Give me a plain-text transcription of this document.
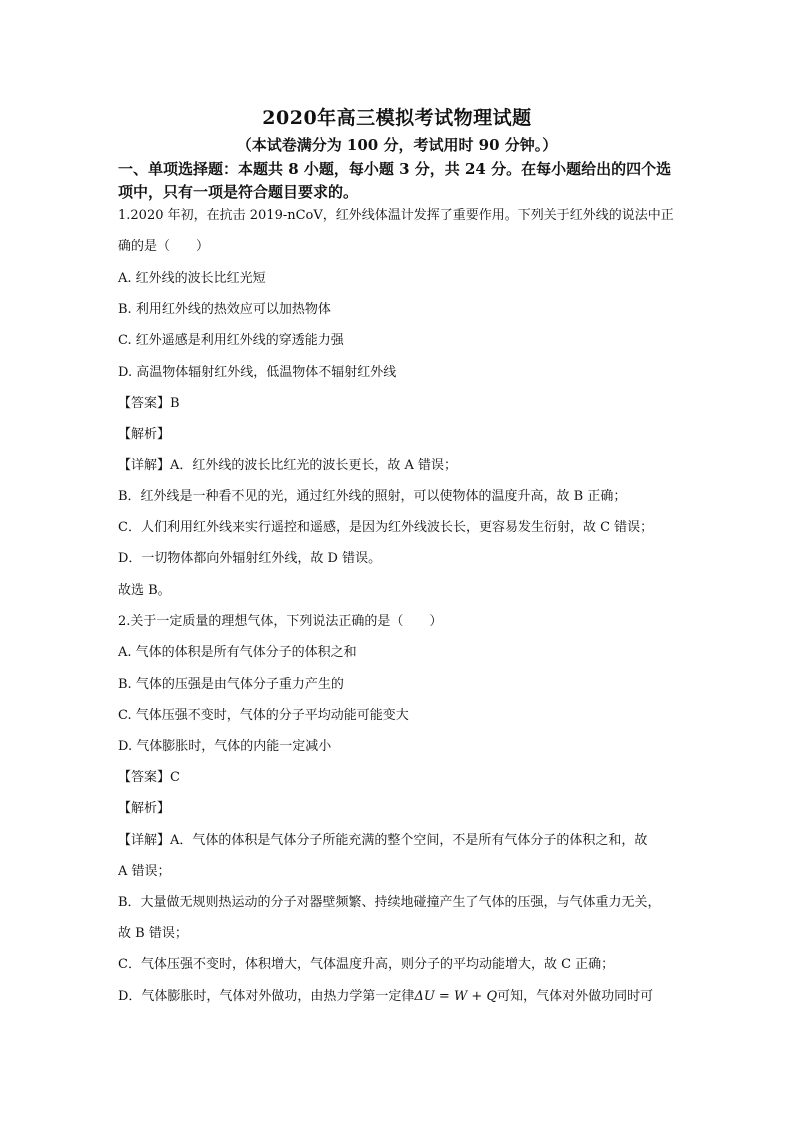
2020年高三模拟考试物理试题
（本试卷满分为 100 分，考试用时 90 分钟。）
一、单项选择题：本题共 8 小题，每小题 3 分，共 24 分。在每小题给出的四个选项中，只有一项是符合题目要求的。
1.2020 年初，在抗击 2019-nCoV，红外线体温计发挥了重要作用。下列关于红外线的说法中正
确的是（　　）
A. 红外线的波长比红光短
B. 利用红外线的热效应可以加热物体
C. 红外遥感是利用红外线的穿透能力强
D. 高温物体辐射红外线，低温物体不辐射红外线
【答案】B
【解析】
【详解】A．红外线的波长比红光的波长更长，故 A 错误；
B．红外线是一种看不见的光，通过红外线的照射，可以使物体的温度升高，故 B 正确；
C．人们利用红外线来实行遥控和遥感，是因为红外线波长长，更容易发生衍射，故 C 错误；
D．一切物体都向外辐射红外线，故 D 错误。
故选 B。
2.关于一定质量的理想气体，下列说法正确的是（　　）
A. 气体的体积是所有气体分子的体积之和
B. 气体的压强是由气体分子重力产生的
C. 气体压强不变时，气体的分子平均动能可能变大
D. 气体膨胀时，气体的内能一定减小
【答案】C
【解析】
【详解】A．气体的体积是气体分子所能充满的整个空间，不是所有气体分子的体积之和，故
A 错误；
B．大量做无规则热运动的分子对器壁频繁、持续地碰撞产生了气体的压强，与气体重力无关，
故 B 错误；
C．气体压强不变时，体积增大，气体温度升高，则分子的平均动能增大，故 C 正确；
D．气体膨胀时，气体对外做功，由热力学第一定律ΔU = W + Q可知，气体对外做功同时可
